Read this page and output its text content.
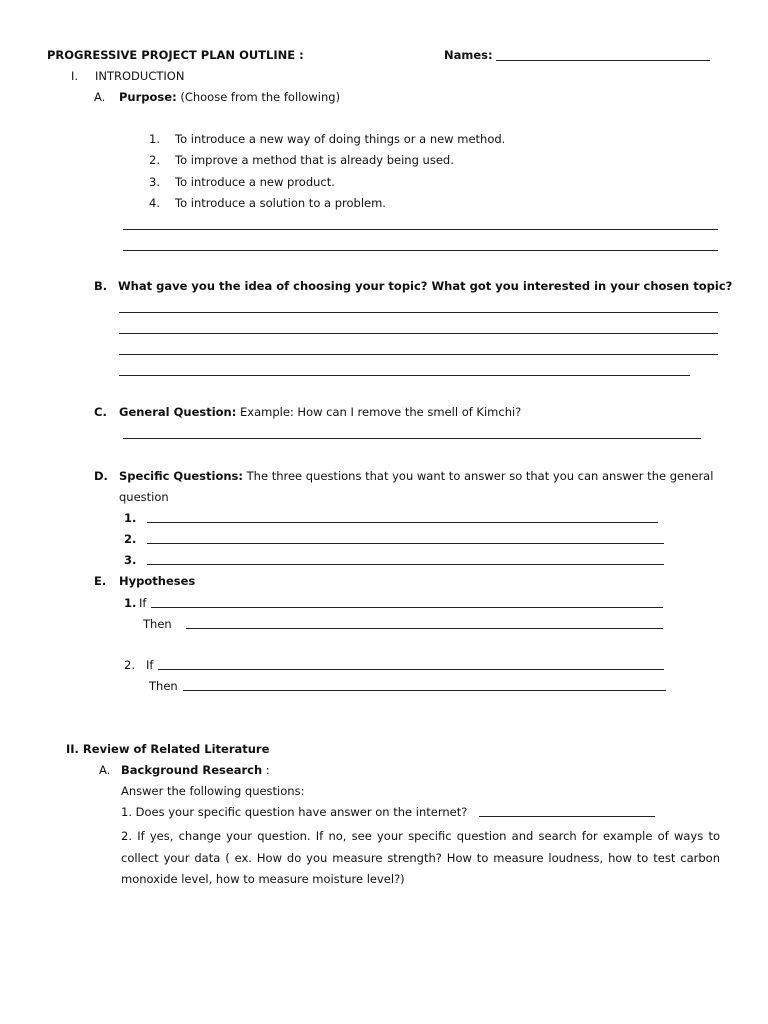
PROGRESSIVE PROJECT PLAN OUTLINE :	Names:
I. INTRODUCTION
A. Purpose: (Choose from the following)
1. To introduce a new way of doing things or a new method.
2. To improve a method that is already being used.
3. To introduce a new product.
4. To introduce a solution to a problem.
B. What gave you the idea of choosing your topic? What got you interested in your chosen topic?
C. General Question: Example: How can I remove the smell of Kimchi?
D. Specific Questions: The three questions that you want to answer so that you can answer the general
question
1.
2.
3.
E. Hypotheses
1. If
Then
2. If
Then
II. Review of Related Literature
A. Background Research :
Answer the following questions:
1. Does your specific question have answer on the internet?
2. If yes, change your question. If no, see your specific question and search for example of ways to collect your data ( ex. How do you measure strength? How to measure loudness, how to test carbon monoxide level, how to measure moisture level?)
